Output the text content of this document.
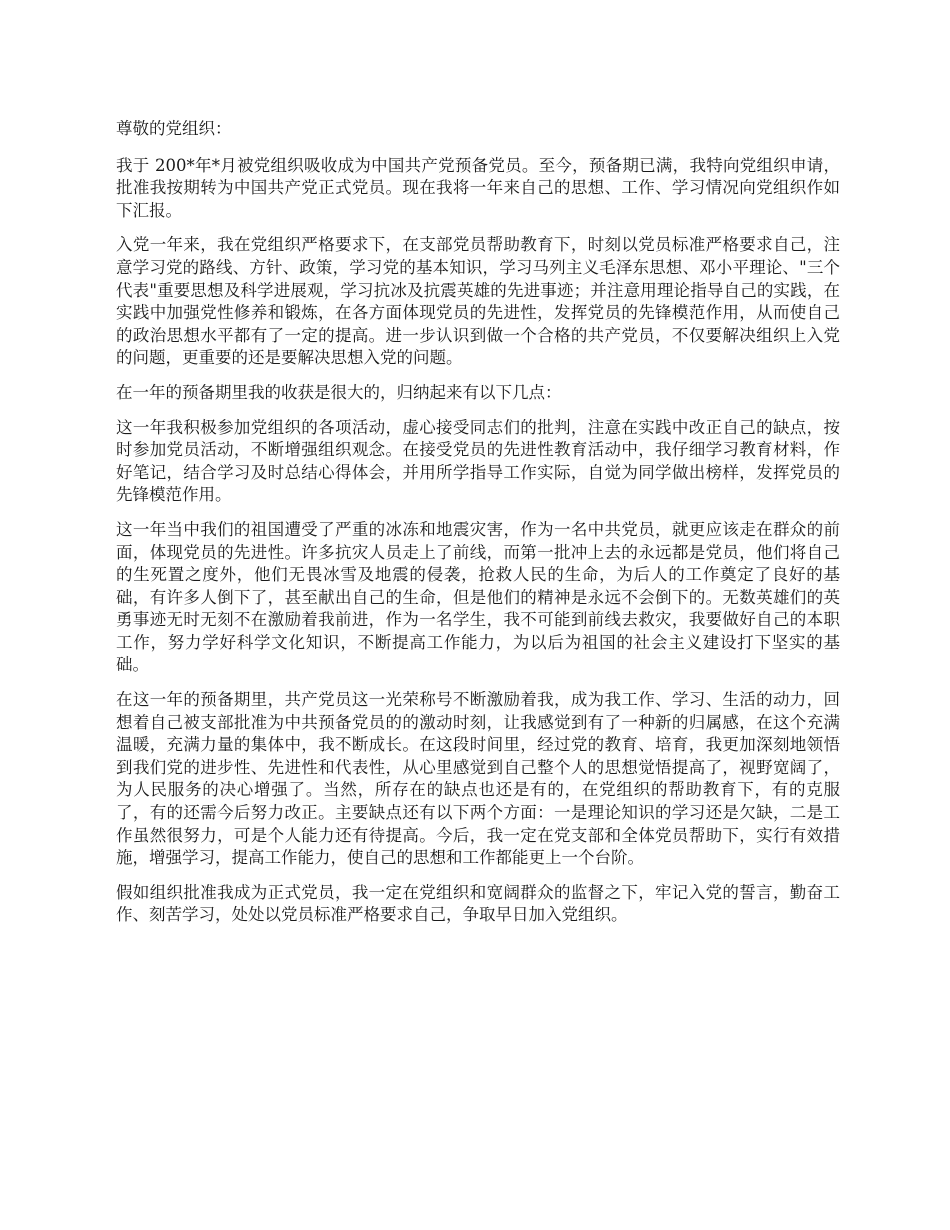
尊敬的党组织：

我于 200*年*月被党组织吸收成为中国共产党预备党员。至今，预备期已满，我特向党组织申请，批准我按期转为中国共产党正式党员。现在我将一年来自己的思想、工作、学习情况向党组织作如下汇报。

入党一年来，我在党组织严格要求下，在支部党员帮助教育下，时刻以党员标准严格要求自己，注意学习党的路线、方针、政策，学习党的基本知识，学习马列主义毛泽东思想、邓小平理论、"三个代表"重要思想及科学进展观，学习抗冰及抗震英雄的先进事迹；并注意用理论指导自己的实践，在实践中加强党性修养和锻炼，在各方面体现党员的先进性，发挥党员的先锋模范作用，从而使自己的政治思想水平都有了一定的提高。进一步认识到做一个合格的共产党员，不仅要解决组织上入党的问题，更重要的还是要解决思想入党的问题。

在一年的预备期里我的收获是很大的，归纳起来有以下几点：

这一年我积极参加党组织的各项活动，虚心接受同志们的批判，注意在实践中改正自己的缺点，按时参加党员活动，不断增强组织观念。在接受党员的先进性教育活动中，我仔细学习教育材料，作好笔记，结合学习及时总结心得体会，并用所学指导工作实际，自觉为同学做出榜样，发挥党员的先锋模范作用。

这一年当中我们的祖国遭受了严重的冰冻和地震灾害，作为一名中共党员，就更应该走在群众的前面，体现党员的先进性。许多抗灾人员走上了前线，而第一批冲上去的永远都是党员，他们将自己的生死置之度外，他们无畏冰雪及地震的侵袭，抢救人民的生命，为后人的工作奠定了良好的基础，有许多人倒下了，甚至献出自己的生命，但是他们的精神是永远不会倒下的。无数英雄们的英勇事迹无时无刻不在激励着我前进，作为一名学生，我不可能到前线去救灾，我要做好自己的本职工作，努力学好科学文化知识，不断提高工作能力，为以后为祖国的社会主义建设打下坚实的基础。

在这一年的预备期里，共产党员这一光荣称号不断激励着我，成为我工作、学习、生活的动力，回想着自己被支部批准为中共预备党员的的激动时刻，让我感觉到有了一种新的归属感，在这个充满温暖，充满力量的集体中，我不断成长。在这段时间里，经过党的教育、培育，我更加深刻地领悟到我们党的进步性、先进性和代表性，从心里感觉到自己整个人的思想觉悟提高了，视野宽阔了，为人民服务的决心增强了。当然，所存在的缺点也还是有的，在党组织的帮助教育下，有的克服了，有的还需今后努力改正。主要缺点还有以下两个方面：一是理论知识的学习还是欠缺，二是工作虽然很努力，可是个人能力还有待提高。今后，我一定在党支部和全体党员帮助下，实行有效措施，增强学习，提高工作能力，使自己的思想和工作都能更上一个台阶。

假如组织批准我成为正式党员，我一定在党组织和宽阔群众的监督之下，牢记入党的誓言，勤奋工作、刻苦学习，处处以党员标准严格要求自己，争取早日加入党组织。
